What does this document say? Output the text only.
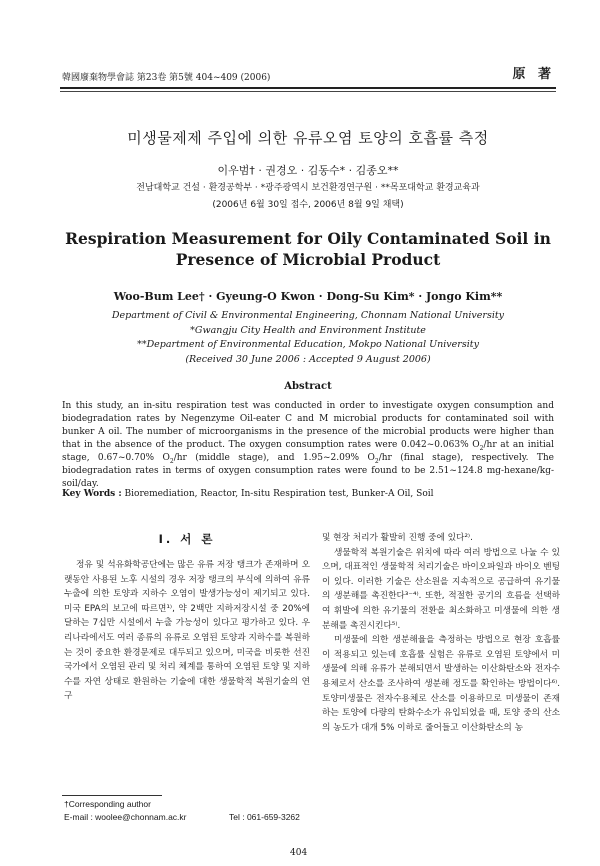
韓國廢棄物學會誌 第23卷 第5號 404~409 (2006)	原 著
미생물제제 주입에 의한 유류오염 토양의 호흡률 측정
이우범† · 권경오 · 김동수* · 김종오**
전남대학교 건설 · 환경공학부 · *광주광역시 보건환경연구원 · **목포대학교 환경교육과
(2006년 6월 30일 접수, 2006년 8월 9일 채택)
Respiration Measurement for Oily Contaminated Soil in
Presence of Microbial Product
Woo-Bum Lee† · Gyeung-O Kwon · Dong-Su Kim* · Jongo Kim**
Department of Civil & Environmental Engineering, Chonnam National University
*Gwangju City Health and Environment Institute
**Department of Environmental Education, Mokpo National University
(Received 30 June 2006 : Accepted 9 August 2006)
Abstract

In this study, an in-situ respiration test was conducted in order to investigate oxygen consumption and biodegradation rates by Negenzyme Oil-eater C and M microbial products for contaminated soil with bunker A oil. The number of microorganisms in the presence of the microbial products were higher than that in the absence of the product. The oxygen consumption rates were 0.042~0.063% $O_2/hr$ at an initial stage, 0.67~0.70% $O_2/hr$ (middle stage), and 1.95~2.09% $O_2/hr$ (final stage), respectively. The biodegradation rates in terms of oxygen consumption rates were found to be 2.51~124.8 mg-hexane/kg-soil/day.

Key Words : Bioremediation, Reactor, In-situ Respiration test, Bunker-A Oil, Soil
I. 서 론

정유 및 석유화학공단에는 많은 유류 저장 탱크가 존재하며 오랫동안 사용된 노후 시설의 경우 저장 탱크의 부식에 의하여 유류 누출에 의한 토양과 지하수 오염이 발생가능성이 제기되고 있다. 미국 EPA의 보고에 따르면¹⁾, 약 2백만 지하저장시설 중 20%에 달하는 7십만 시설에서 누출 가능성이 있다고 평가하고 있다. 우리나라에서도 여러 종류의 유류로 오염된 토양과 지하수를 복원하는 것이 중요한 환경문제로 대두되고 있으며, 미국을 비롯한 선진 국가에서 오염된 관리 및 처리 체계를 통하여 오염된 토양 및 지하수를 자연 상태로 환원하는 기술에 대한 생물학적 복원기술의 연구

및 현장 처리가 활발히 진행 중에 있다²⁾.

생물학적 복원기술은 위치에 따라 여러 방법으로 나눌 수 있으며, 대표적인 생물학적 처리기술은 바이오파일과 바이오 벤팅이 있다. 이러한 기술은 산소원을 지속적으로 공급하여 유기물의 생분해를 촉진한다³⁻⁴⁾. 또한, 적절한 공기의 흐름을 선택하여 휘발에 의한 유기물의 전환을 최소화하고 미생물에 의한 생분해를 촉진시킨다⁵⁾.

미생물에 의한 생분해율을 측정하는 방법으로 현장 호흡률이 적용되고 있는데 호흡률 실험은 유류로 오염된 토양에서 미생물에 의해 유류가 분해되면서 발생하는 이산화탄소와 전자수용체로서 산소를 조사하여 생분해 정도를 확인하는 방법이다⁶⁾. 토양미생물은 전자수용체로 산소를 이용하므로 미생물이 존재하는 토양에 다량의 탄화수소가 유입되었을 때, 토양 중의 산소의 농도가 대개 5% 이하로 줄어들고 이산화탄소의 농

†Corresponding author
E-mail : woolee@chonnam.ac.kr	Tel : 061-659-3262
404
